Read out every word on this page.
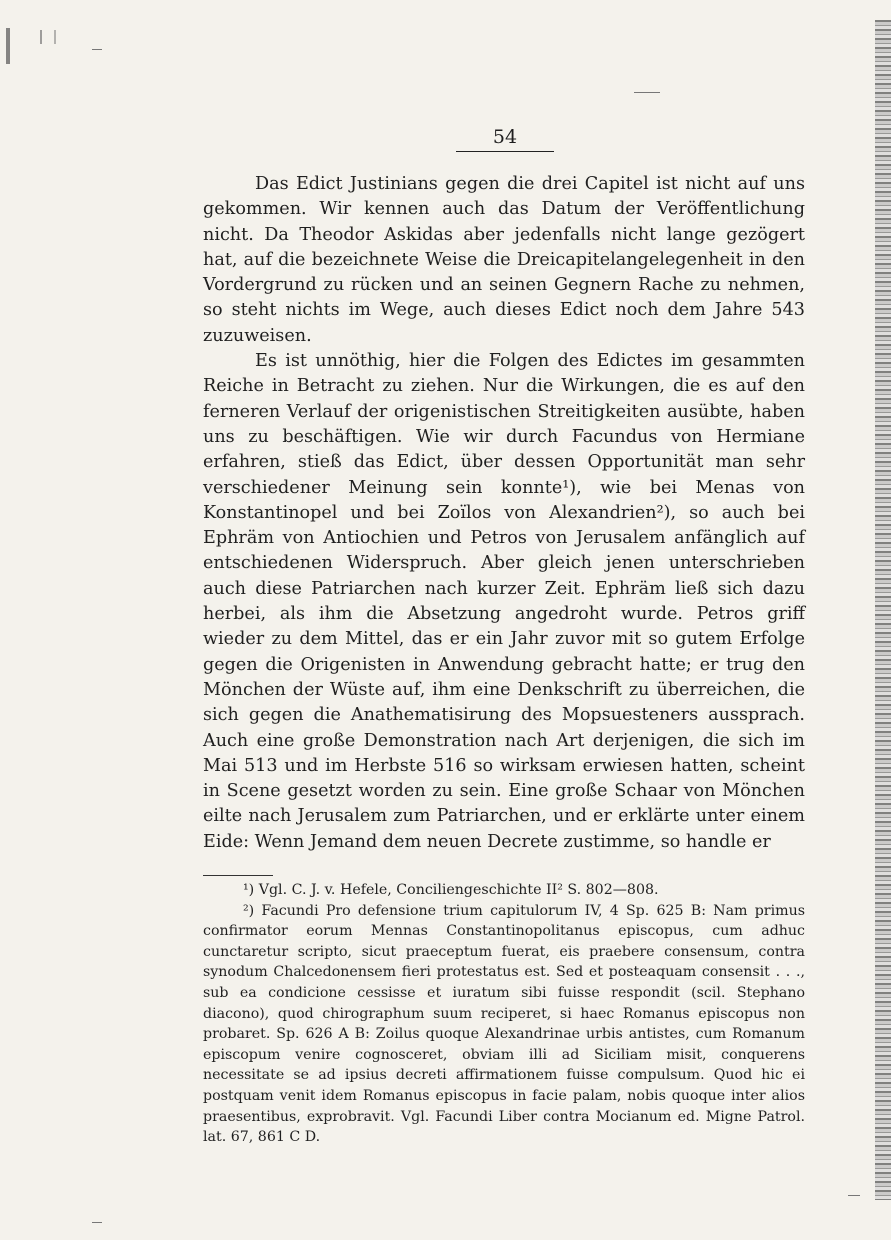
54

Das Edict Justinians gegen die drei Capitel ist nicht auf uns gekommen. Wir kennen auch das Datum der Veröffentlichung nicht. Da Theodor Askidas aber jedenfalls nicht lange gezögert hat, auf die bezeichnete Weise die Dreicapitelangelegenheit in den Vordergrund zu rücken und an seinen Gegnern Rache zu nehmen, so steht nichts im Wege, auch dieses Edict noch dem Jahre 543 zuzuweisen.

Es ist unnöthig, hier die Folgen des Edictes im gesammten Reiche in Betracht zu ziehen. Nur die Wirkungen, die es auf den ferneren Verlauf der origenistischen Streitigkeiten ausübte, haben uns zu beschäftigen. Wie wir durch Facundus von Hermiane erfahren, stieß das Edict, über dessen Opportunität man sehr verschiedener Meinung sein konnte¹), wie bei Menas von Konstantinopel und bei Zoïlos von Alexandrien²), so auch bei Ephräm von Antiochien und Petros von Jerusalem anfänglich auf entschiedenen Widerspruch. Aber gleich jenen unterschrieben auch diese Patriarchen nach kurzer Zeit. Ephräm ließ sich dazu herbei, als ihm die Absetzung angedroht wurde. Petros griff wieder zu dem Mittel, das er ein Jahr zuvor mit so gutem Erfolge gegen die Origenisten in Anwendung gebracht hatte; er trug den Mönchen der Wüste auf, ihm eine Denkschrift zu überreichen, die sich gegen die Anathematisirung des Mopsuesteners aussprach. Auch eine große Demonstration nach Art derjenigen, die sich im Mai 513 und im Herbste 516 so wirksam erwiesen hatten, scheint in Scene gesetzt worden zu sein. Eine große Schaar von Mönchen eilte nach Jerusalem zum Patriarchen, und er erklärte unter einem Eide: Wenn Jemand dem neuen Decrete zustimme, so handle er

¹) Vgl. C. J. v. Hefele, Conciliengeschichte II² S. 802—808.

²) Facundi Pro defensione trium capitulorum IV, 4 Sp. 625 B: Nam primus confirmator eorum Mennas Constantinopolitanus episcopus, cum adhuc cunctaretur scripto, sicut praeceptum fuerat, eis praebere consensum, contra synodum Chalcedonensem fieri protestatus est. Sed et posteaquam consensit . . ., sub ea condicione cessisse et iuratum sibi fuisse respondit (scil. Stephano diacono), quod chirographum suum reciperet, si haec Romanus episcopus non probaret. Sp. 626 A B: Zoilus quoque Alexandrinae urbis antistes, cum Romanum episcopum venire cognosceret, obviam illi ad Siciliam misit, conquerens necessitate se ad ipsius decreti affirmationem fuisse compulsum. Quod hic ei postquam venit idem Romanus episcopus in facie palam, nobis quoque inter alios praesentibus, exprobravit. Vgl. Facundi Liber contra Mocianum ed. Migne Patrol. lat. 67, 861 C D.
